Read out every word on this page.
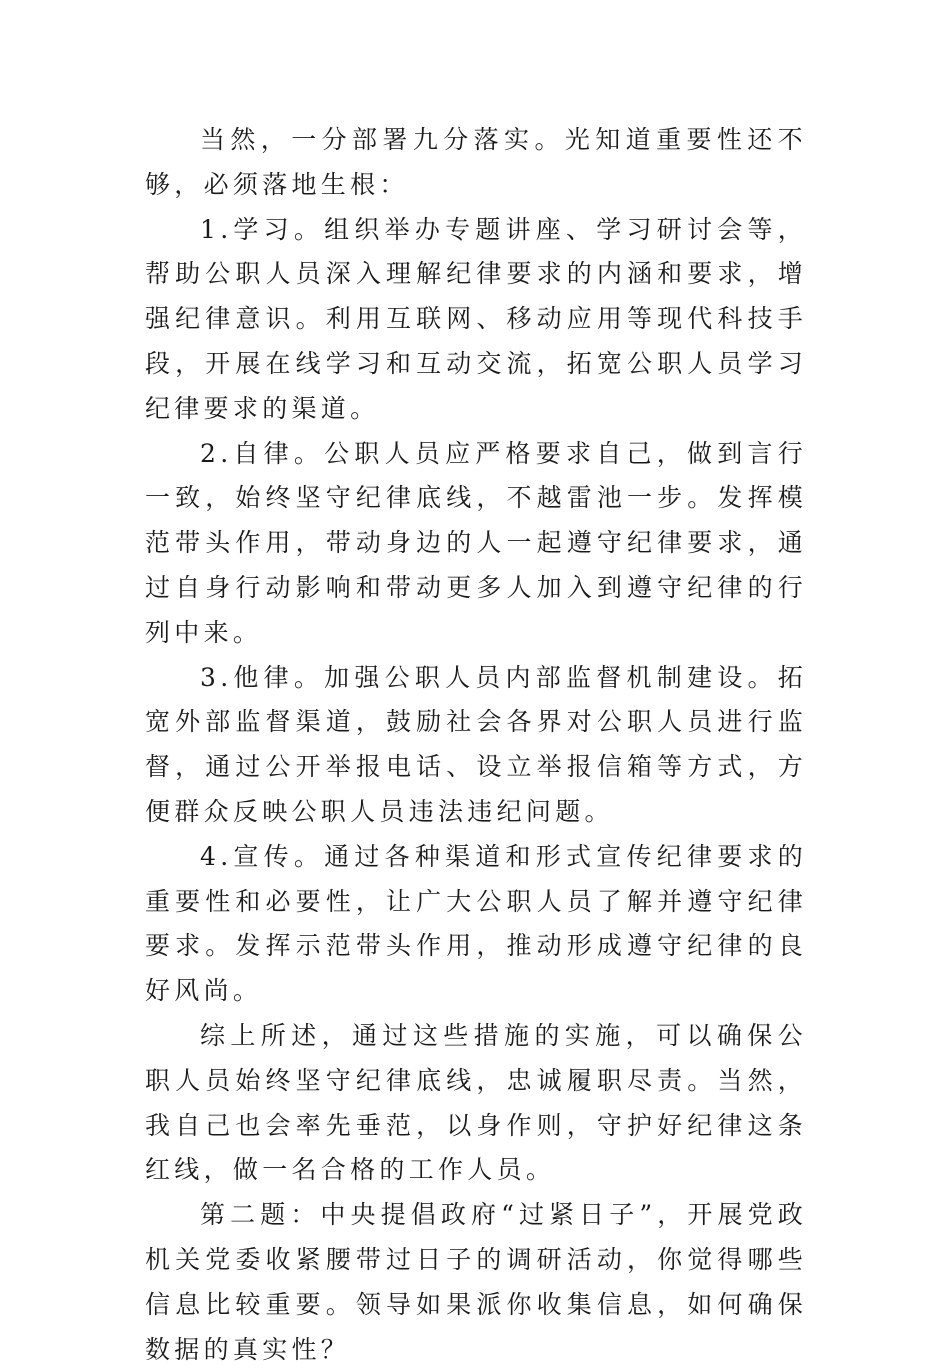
当然，一分部署九分落实。光知道重要性还不够，必须落地生根：

1.学习。组织举办专题讲座、学习研讨会等，帮助公职人员深入理解纪律要求的内涵和要求，增强纪律意识。利用互联网、移动应用等现代科技手段，开展在线学习和互动交流，拓宽公职人员学习纪律要求的渠道。

2.自律。公职人员应严格要求自己，做到言行一致，始终坚守纪律底线，不越雷池一步。发挥模范带头作用，带动身边的人一起遵守纪律要求，通过自身行动影响和带动更多人加入到遵守纪律的行列中来。

3.他律。加强公职人员内部监督机制建设。拓宽外部监督渠道，鼓励社会各界对公职人员进行监督，通过公开举报电话、设立举报信箱等方式，方便群众反映公职人员违法违纪问题。

4.宣传。通过各种渠道和形式宣传纪律要求的重要性和必要性，让广大公职人员了解并遵守纪律要求。发挥示范带头作用，推动形成遵守纪律的良好风尚。

综上所述，通过这些措施的实施，可以确保公职人员始终坚守纪律底线，忠诚履职尽责。当然，我自己也会率先垂范，以身作则，守护好纪律这条红线，做一名合格的工作人员。

第二题：中央提倡政府“过紧日子”，开展党政机关党委收紧腰带过日子的调研活动，你觉得哪些信息比较重要。领导如果派你收集信息，如何确保数据的真实性？
